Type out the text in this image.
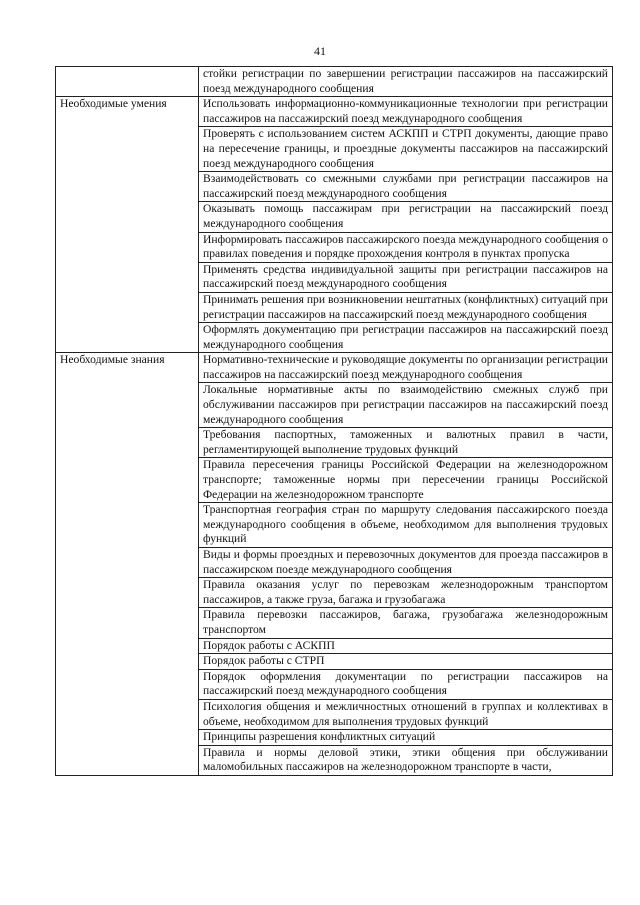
41
	стойки регистрации по завершении регистрации пассажиров на пассажирский поезд международного сообщения
Необходимые умения	Использовать информационно-коммуникационные технологии при регистрации пассажиров на пассажирский поезд международного сообщения
	Проверять с использованием систем АСКПП и СТРП документы, дающие право на пересечение границы, и проездные документы пассажиров на пассажирский поезд международного сообщения
	Взаимодействовать со смежными службами при регистрации пассажиров на пассажирский поезд международного сообщения
	Оказывать помощь пассажирам при регистрации на пассажирский поезд международного сообщения
	Информировать пассажиров пассажирского поезда международного сообщения о правилах поведения и порядке прохождения контроля в пунктах пропуска
	Применять средства индивидуальной защиты при регистрации пассажиров на пассажирский поезд международного сообщения
	Принимать решения при возникновении нештатных (конфликтных) ситуаций при регистрации пассажиров на пассажирский поезд международного сообщения
	Оформлять документацию при регистрации пассажиров на пассажирский поезд международного сообщения
Необходимые знания	Нормативно-технические и руководящие документы по организации регистрации пассажиров на пассажирский поезд международного сообщения
	Локальные нормативные акты по взаимодействию смежных служб при обслуживании пассажиров при регистрации пассажиров на пассажирский поезд международного сообщения
	Требования паспортных, таможенных и валютных правил в части, регламентирующей выполнение трудовых функций
	Правила пересечения границы Российской Федерации на железнодорожном транспорте; таможенные нормы при пересечении границы Российской Федерации на железнодорожном транспорте
	Транспортная география стран по маршруту следования пассажирского поезда международного сообщения в объеме, необходимом для выполнения трудовых функций
	Виды и формы проездных и перевозочных документов для проезда пассажиров в пассажирском поезде международного сообщения
	Правила оказания услуг по перевозкам железнодорожным транспортом пассажиров, а также груза, багажа и грузобагажа
	Правила перевозки пассажиров, багажа, грузобагажа железнодорожным транспортом
	Порядок работы с АСКПП
	Порядок работы с СТРП
	Порядок оформления документации по регистрации пассажиров на пассажирский поезд международного сообщения
	Психология общения и межличностных отношений в группах и коллективах в объеме, необходимом для выполнения трудовых функций
	Принципы разрешения конфликтных ситуаций
	Правила и нормы деловой этики, этики общения при обслуживании маломобильных пассажиров на железнодорожном транспорте в части,
